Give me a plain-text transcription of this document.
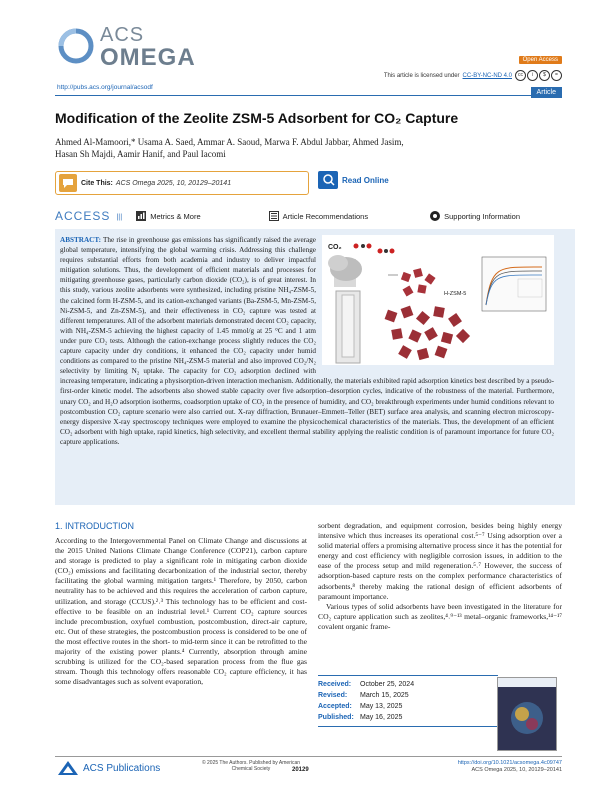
ACS
OMEGA	Open Access
This article is licensed under CC-BY-NC-ND 4.0	cc	i	$	=
http://pubs.acs.org/journal/acsodf
Article
Modification of the Zeolite ZSM-5 Adsorbent for CO₂ Capture
Ahmed Al-Mamoori,* Usama A. Saed, Ammar A. Saoud, Marwa F. Abdul Jabbar, Ahmed Jasim,
Hasan Sh Majdi, Aamir Hanif, and Paul Iacomi
Cite This: ACS Omega 2025, 10, 20129–20141	Read Online
ACCESS |||	Metrics & More	Article Recommendations	Supporting Information
CO₂
H-ZSM-5
ABSTRACT: The rise in greenhouse gas emissions has significantly raised the average global temperature, intensifying the global warming crisis. Addressing this challenge requires substantial efforts from both academia and industry to deliver impactful mitigation solutions. Thus, the development of efficient materials and processes for mitigating greenhouse gases, particularly carbon dioxide (CO₂), is of great interest. In this study, various zeolite adsorbents were synthesized, including pristine NH₄-ZSM-5, the calcined form H-ZSM-5, and its cation-exchanged variants (Ba-ZSM-5, Mn-ZSM-5, Ni-ZSM-5, and Zn-ZSM-5), and their effectiveness in CO₂ capture was tested at different temperatures. All of the adsorbent materials demonstrated decent CO₂ capacity, with NH₄-ZSM-5 achieving the highest capacity of 1.45 mmol/g at 25 °C and 1 atm under pure CO₂ tests. Although the cation-exchange process slightly reduces the CO₂ capture capacity under dry conditions, it enhanced the CO₂ capacity under humid conditions as compared to the pristine NH₄-ZSM-5 material and also improved CO₂/N₂ selectivity by limiting N₂ uptake. The capacity for CO₂ adsorption declined with increasing temperature, indicating a physisorption-driven interaction mechanism. Additionally, the materials exhibited rapid adsorption kinetics best described by a pseudo-first-order kinetic model. The adsorbents also showed stable capacity over five adsorption–desorption cycles, indicative of the robustness of the material. Furthermore, unary CO₂ and H₂O adsorption isotherms, coadsorption uptake of CO₂ in the presence of humidity, and CO₂ breakthrough experiments under humid conditions relevant to postcombustion CO₂ capture scenario were also carried out. X-ray diffraction, Brunauer–Emmett–Teller (BET) surface area analysis, and scanning electron microscopy-energy dispersive X-ray spectroscopy techniques were employed to examine the physicochemical characteristics of the materials. Thus, the development of an efficient CO₂ adsorbent with high uptake, rapid kinetics, high selectivity, and excellent thermal stability applying the realistic condition is of paramount importance for future CO₂ capture applications.
1. INTRODUCTION

According to the Intergovernmental Panel on Climate Change and discussions at the 2015 United Nations Climate Change Conference (COP21), carbon capture and storage is predicted to play a significant role in mitigating carbon dioxide (CO₂) emissions and facilitating decarbonization of the industrial sector, thereby facilitating the global warming mitigation targets.¹ Therefore, by 2050, carbon neutrality has to be achieved and this requires the acceleration of carbon capture, utilization, and storage (CCUS).²˒³ This technology has to be efficient and cost-effective to be feasible on an industrial level.¹ Current CO₂ capture sources include precombustion, oxyfuel combustion, postcombustion, direct-air capture, etc. Out of these strategies, the postcombustion process is considered to be one of the most effective routes in the short- to mid-term since it can be retrofitted to the majority of the existing power plants.⁴ Currently, absorption through amine scrubbing is utilized for the CO₂-based separation process from the flue gas stream. Though this technology offers reasonable CO₂ capture efficiency, it has some disadvantages such as solvent evaporation,

sorbent degradation, and equipment corrosion, besides being highly energy intensive which thus increases its operational cost.⁵⁻⁷ Using adsorption over a solid material offers a promising alternative process since it has the potential for energy and cost efficiency with negligible corrosion issues, in addition to the ease of the process setup and mild regeneration.⁵˒⁷ However, the success of adsorption-based capture rests on the complex performance characteristics of adsorbents,⁸ thereby making the rational design of efficient adsorbents of paramount importance.

Various types of solid adsorbents have been investigated in the literature for CO₂ capture application such as zeolites,⁴˒⁹⁻¹³ metal–organic frameworks,¹⁴⁻¹⁷ covalent organic frame-

Received: October 25, 2024
Revised: March 15, 2025
Accepted: May 13, 2025
Published: May 16, 2025
ACS Publications	© 2025 The Authors. Published by American Chemical Society	20129
https://doi.org/10.1021/acsomega.4c09747
ACS Omega 2025, 10, 20129–20141
